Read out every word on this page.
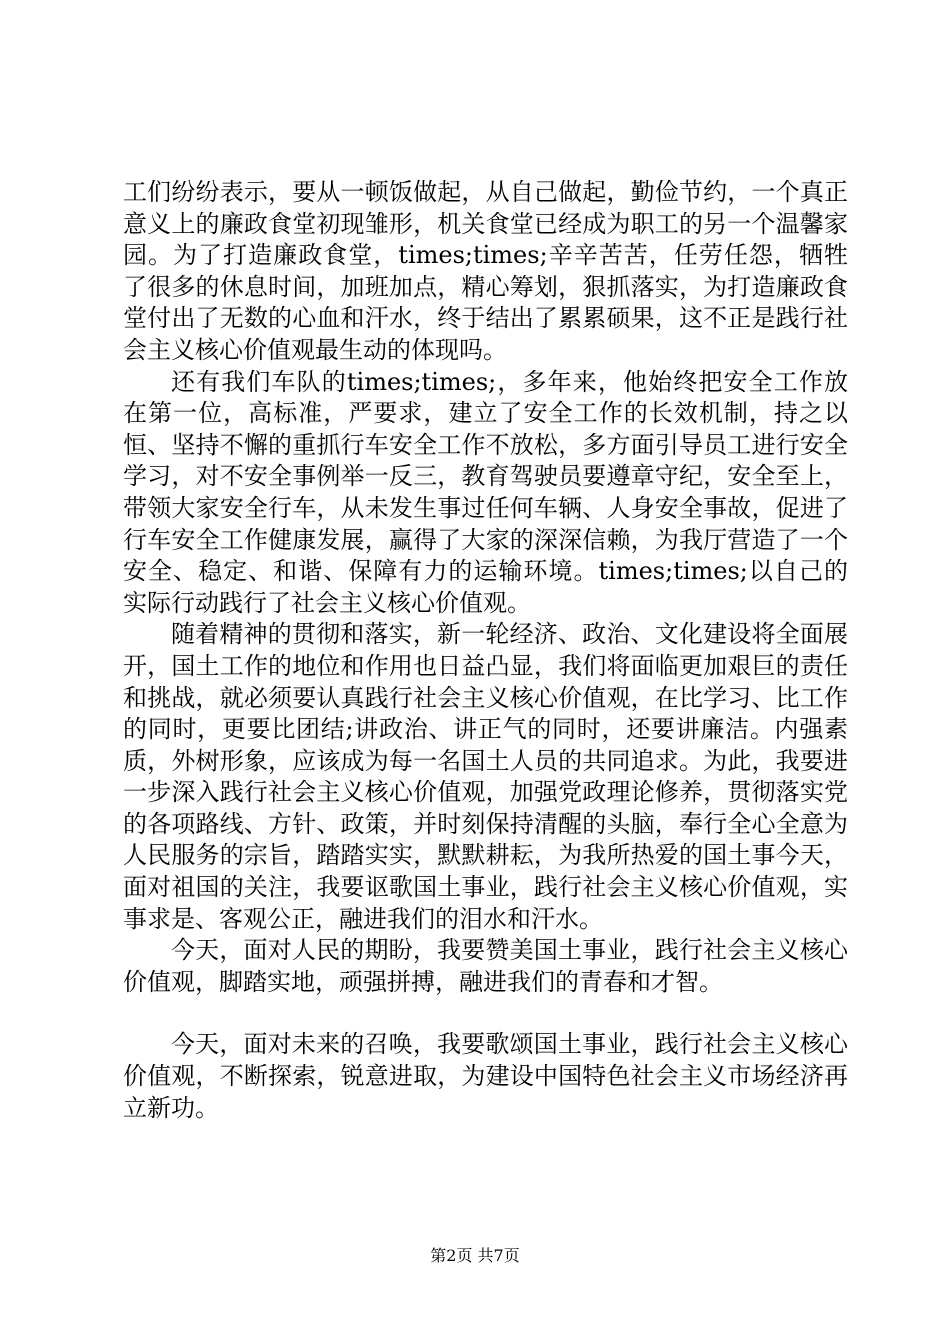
工们纷纷表示，要从一顿饭做起，从自己做起，勤俭节约，一个真正意义上的廉政食堂初现雏形，机关食堂已经成为职工的另一个温馨家园。为了打造廉政食堂，times;times;辛辛苦苦，任劳任怨，牺牲了很多的休息时间，加班加点，精心筹划，狠抓落实，为打造廉政食堂付出了无数的心血和汗水，终于结出了累累硕果，这不正是践行社会主义核心价值观最生动的体现吗。

还有我们车队的times;times;，多年来，他始终把安全工作放在第一位，高标准，严要求，建立了安全工作的长效机制，持之以恒、坚持不懈的重抓行车安全工作不放松，多方面引导员工进行安全学习，对不安全事例举一反三，教育驾驶员要遵章守纪，安全至上，带领大家安全行车，从未发生事过任何车辆、人身安全事故，促进了行车安全工作健康发展，赢得了大家的深深信赖，为我厅营造了一个安全、稳定、和谐、保障有力的运输环境。times;times;以自己的实际行动践行了社会主义核心价值观。

随着精神的贯彻和落实，新一轮经济、政治、文化建设将全面展开，国土工作的地位和作用也日益凸显，我们将面临更加艰巨的责任和挑战，就必须要认真践行社会主义核心价值观，在比学习、比工作的同时，更要比团结;讲政治、讲正气的同时，还要讲廉洁。内强素质，外树形象，应该成为每一名国土人员的共同追求。为此，我要进一步深入践行社会主义核心价值观，加强党政理论修养，贯彻落实党的各项路线、方针、政策，并时刻保持清醒的头脑，奉行全心全意为人民服务的宗旨，踏踏实实，默默耕耘，为我所热爱的国土事今天，面对祖国的关注，我要讴歌国土事业，践行社会主义核心价值观，实事求是、客观公正，融进我们的泪水和汗水。

今天，面对人民的期盼，我要赞美国土事业，践行社会主义核心价值观，脚踏实地，顽强拼搏，融进我们的青春和才智。

今天，面对未来的召唤，我要歌颂国土事业，践行社会主义核心价值观，不断探索，锐意进取，为建设中国特色社会主义市场经济再立新功。

第2页 共7页
